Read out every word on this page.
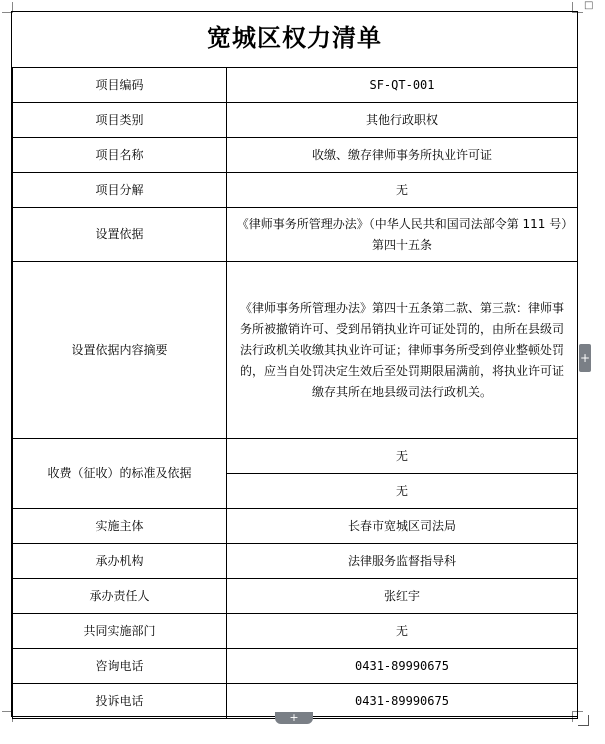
□
宽城区权力清单
项目编码	SF-QT-001
项目类别	其他行政职权
项目名称	收缴、缴存律师事务所执业许可证
项目分解	无
设置依据	《律师事务所管理办法》（中华人民共和国司法部令第 111 号）第四十五条
设置依据内容摘要	《律师事务所管理办法》第四十五条第二款、第三款：律师事务所被撤销许可、受到吊销执业许可证处罚的，由所在县级司法行政机关收缴其执业许可证；律师事务所受到停业整顿处罚的，应当自处罚决定生效后至处罚期限届满前，将执业许可证缴存其所在地县级司法行政机关。
收费（征收）的标准及依据	无
	无
实施主体	长春市宽城区司法局
承办机构	法律服务监督指导科
承办责任人	张红宇
共同实施部门	无
咨询电话	0431-89990675
投诉电话	0431-89990675
+
+
